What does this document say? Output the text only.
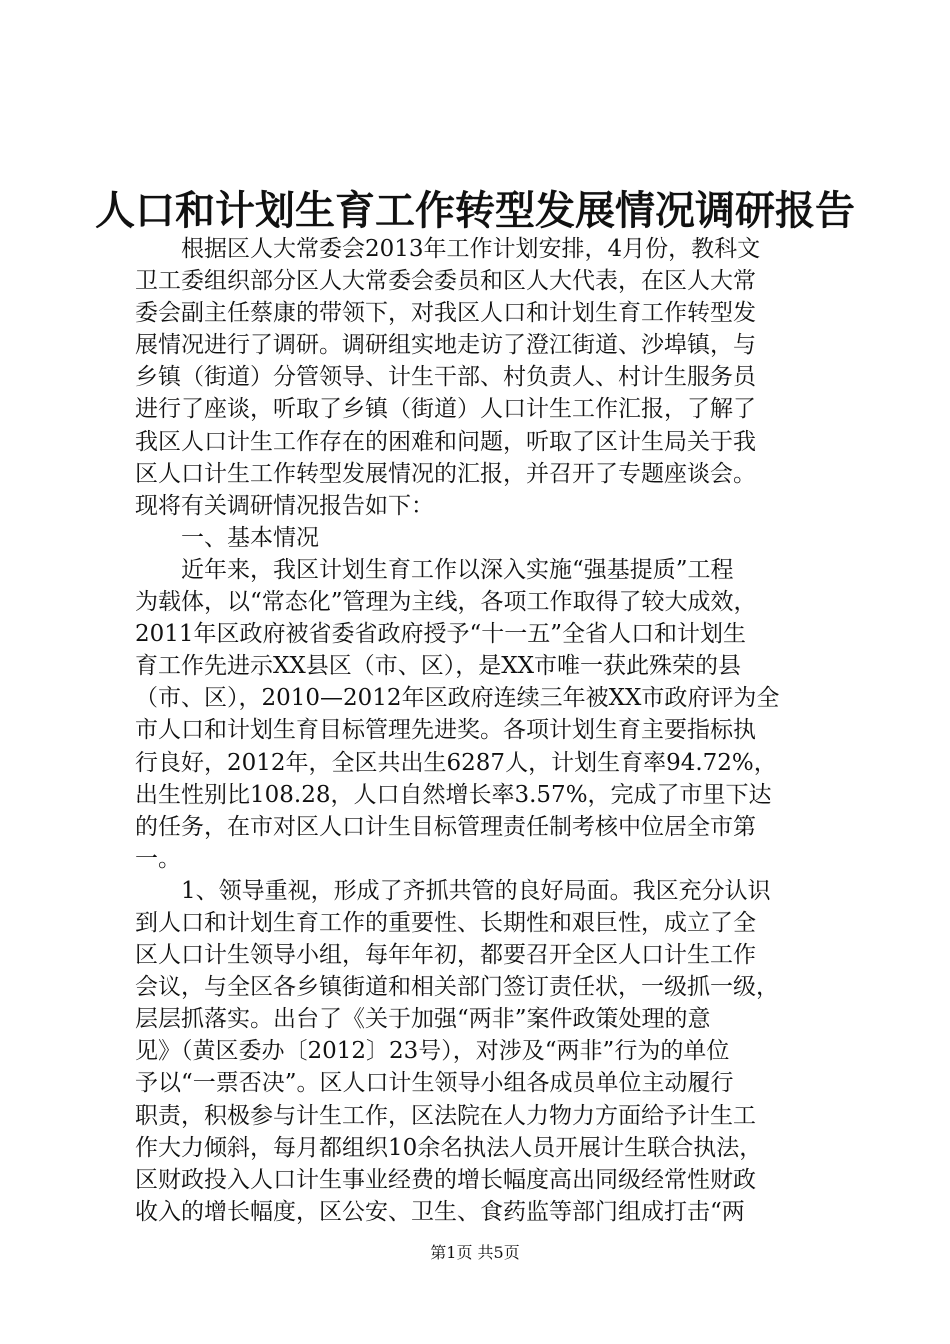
人口和计划生育工作转型发展情况调研报告
根据区人大常委会2013年工作计划安排，4月份，教科文
卫工委组织部分区人大常委会委员和区人大代表，在区人大常
委会副主任蔡康的带领下，对我区人口和计划生育工作转型发
展情况进行了调研。调研组实地走访了澄江街道、沙埠镇，与
乡镇（街道）分管领导、计生干部、村负责人、村计生服务员
进行了座谈，听取了乡镇（街道）人口计生工作汇报，了解了
我区人口计生工作存在的困难和问题，听取了区计生局关于我
区人口计生工作转型发展情况的汇报，并召开了专题座谈会。
现将有关调研情况报告如下：
一、基本情况
近年来，我区计划生育工作以深入实施“强基提质”工程
为载体，以“常态化”管理为主线，各项工作取得了较大成效，
2011年区政府被省委省政府授予“十一五”全省人口和计划生
育工作先进示XX县区（市、区），是XX市唯一获此殊荣的县
（市、区），2010—2012年区政府连续三年被XX市政府评为全
市人口和计划生育目标管理先进奖。各项计划生育主要指标执
行良好，2012年，全区共出生6287人，计划生育率94.72%，
出生性别比108.28，人口自然增长率3.57%，完成了市里下达
的任务，在市对区人口计生目标管理责任制考核中位居全市第
一。
1、领导重视，形成了齐抓共管的良好局面。我区充分认识
到人口和计划生育工作的重要性、长期性和艰巨性，成立了全
区人口计生领导小组，每年年初，都要召开全区人口计生工作
会议，与全区各乡镇街道和相关部门签订责任状，一级抓一级，
层层抓落实。出台了《关于加强“两非”案件政策处理的意
见》（黄区委办〔2012〕23号），对涉及“两非”行为的单位
予以“一票否决”。区人口计生领导小组各成员单位主动履行
职责，积极参与计生工作，区法院在人力物力方面给予计生工
作大力倾斜，每月都组织10余名执法人员开展计生联合执法，
区财政投入人口计生事业经费的增长幅度高出同级经常性财政
收入的增长幅度，区公安、卫生、食药监等部门组成打击“两
第1页 共5页
